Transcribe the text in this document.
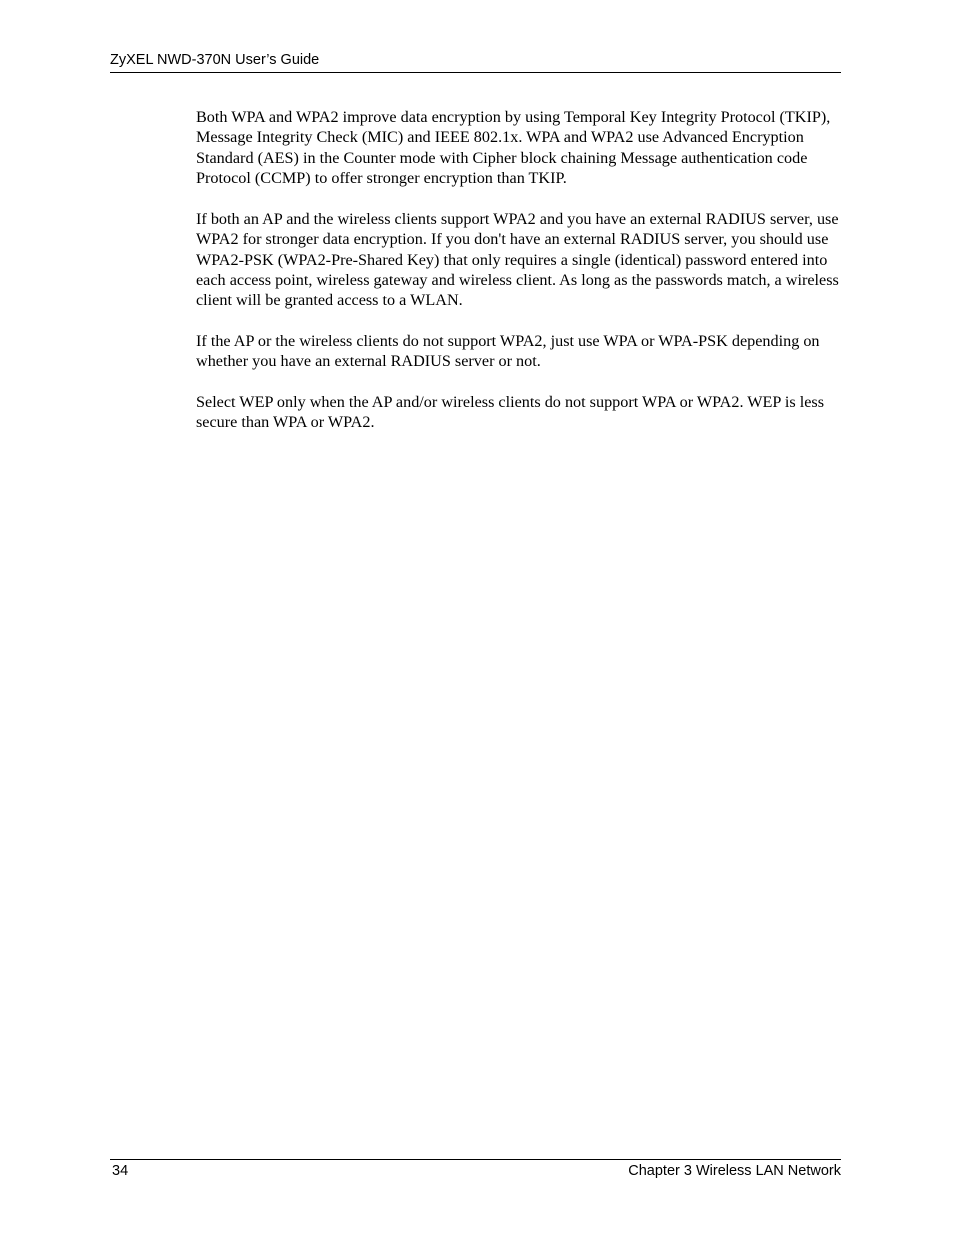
ZyXEL NWD-370N User’s Guide

Both WPA and WPA2 improve data encryption by using Temporal Key Integrity Protocol (TKIP), Message Integrity Check (MIC) and IEEE 802.1x. WPA and WPA2 use Advanced Encryption Standard (AES) in the Counter mode with Cipher block chaining Message authentication code Protocol (CCMP) to offer stronger encryption than TKIP.

If both an AP and the wireless clients support WPA2 and you have an external RADIUS server, use WPA2 for stronger data encryption. If you don't have an external RADIUS server, you should use WPA2-PSK (WPA2-Pre-Shared Key) that only requires a single (identical) password entered into each access point, wireless gateway and wireless client. As long as the passwords match, a wireless client will be granted access to a WLAN.

If the AP or the wireless clients do not support WPA2, just use WPA or WPA-PSK depending on whether you have an external RADIUS server or not.

Select WEP only when the AP and/or wireless clients do not support WPA or WPA2. WEP is less secure than WPA or WPA2.

34	Chapter 3 Wireless LAN Network
